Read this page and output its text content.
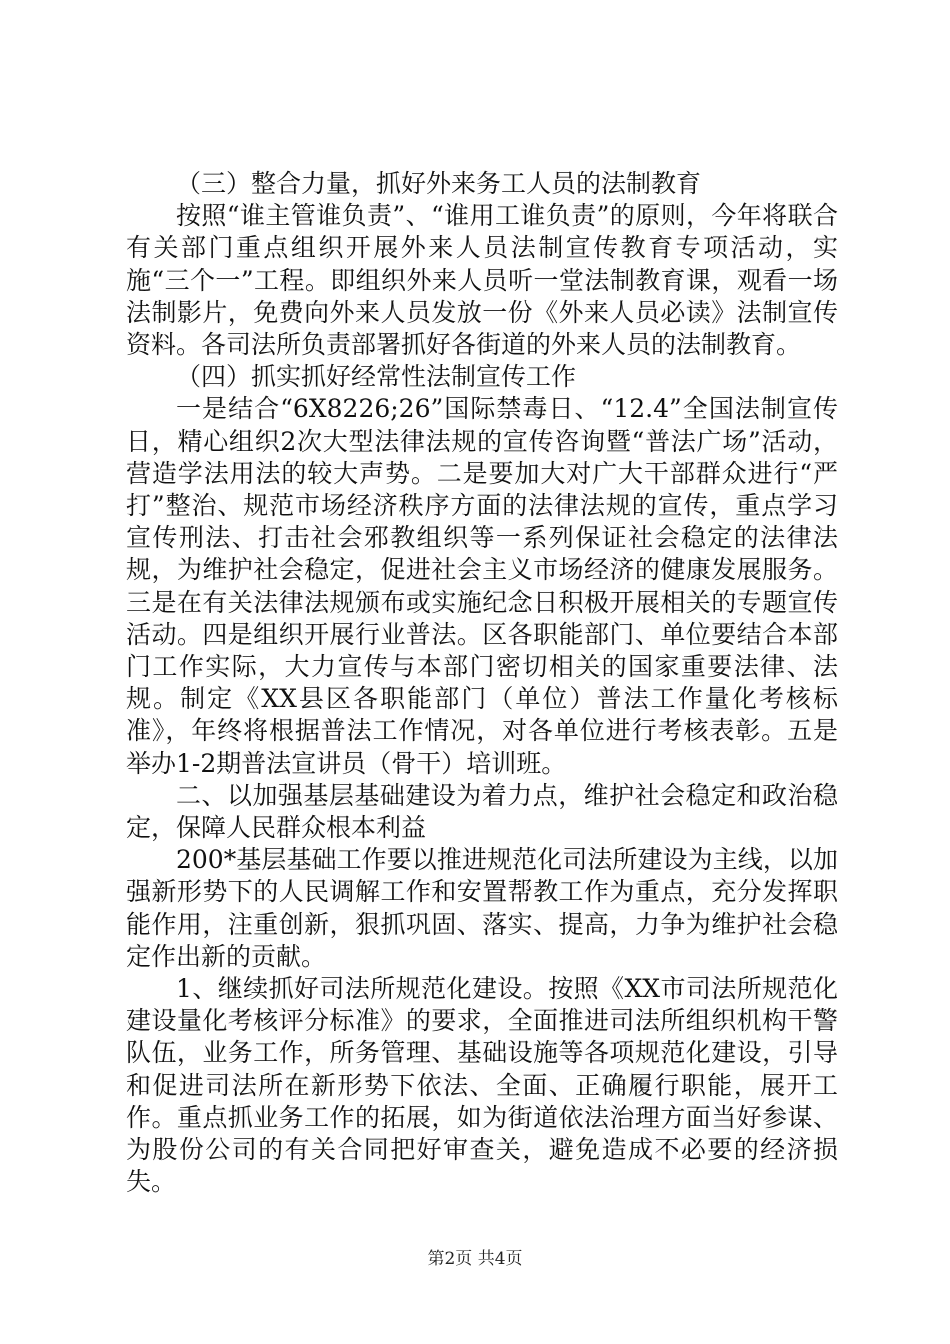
（三）整合力量，抓好外来务工人员的法制教育

按照“谁主管谁负责”、“谁用工谁负责”的原则，今年将联合有关部门重点组织开展外来人员法制宣传教育专项活动，实施“三个一”工程。即组织外来人员听一堂法制教育课，观看一场法制影片，免费向外来人员发放一份《外来人员必读》法制宣传资料。各司法所负责部署抓好各街道的外来人员的法制教育。

（四）抓实抓好经常性法制宣传工作

一是结合“6X8226;26”国际禁毒日、“12.4”全国法制宣传日，精心组织2次大型法律法规的宣传咨询暨“普法广场”活动，营造学法用法的较大声势。二是要加大对广大干部群众进行“严打”整治、规范市场经济秩序方面的法律法规的宣传，重点学习宣传刑法、打击社会邪教组织等一系列保证社会稳定的法律法规，为维护社会稳定，促进社会主义市场经济的健康发展服务。三是在有关法律法规颁布或实施纪念日积极开展相关的专题宣传活动。四是组织开展行业普法。区各职能部门、单位要结合本部门工作实际，大力宣传与本部门密切相关的国家重要法律、法规。制定《XX县区各职能部门（单位）普法工作量化考核标准》，年终将根据普法工作情况，对各单位进行考核表彰。五是举办1-2期普法宣讲员（骨干）培训班。

二、以加强基层基础建设为着力点，维护社会稳定和政治稳定，保障人民群众根本利益

200*基层基础工作要以推进规范化司法所建设为主线，以加强新形势下的人民调解工作和安置帮教工作为重点，充分发挥职能作用，注重创新，狠抓巩固、落实、提高，力争为维护社会稳定作出新的贡献。

1、继续抓好司法所规范化建设。按照《XX市司法所规范化建设量化考核评分标准》的要求，全面推进司法所组织机构干警队伍，业务工作，所务管理、基础设施等各项规范化建设，引导和促进司法所在新形势下依法、全面、正确履行职能，展开工作。重点抓业务工作的拓展，如为街道依法治理方面当好参谋、为股份公司的有关合同把好审查关，避免造成不必要的经济损失。

第2页 共4页
